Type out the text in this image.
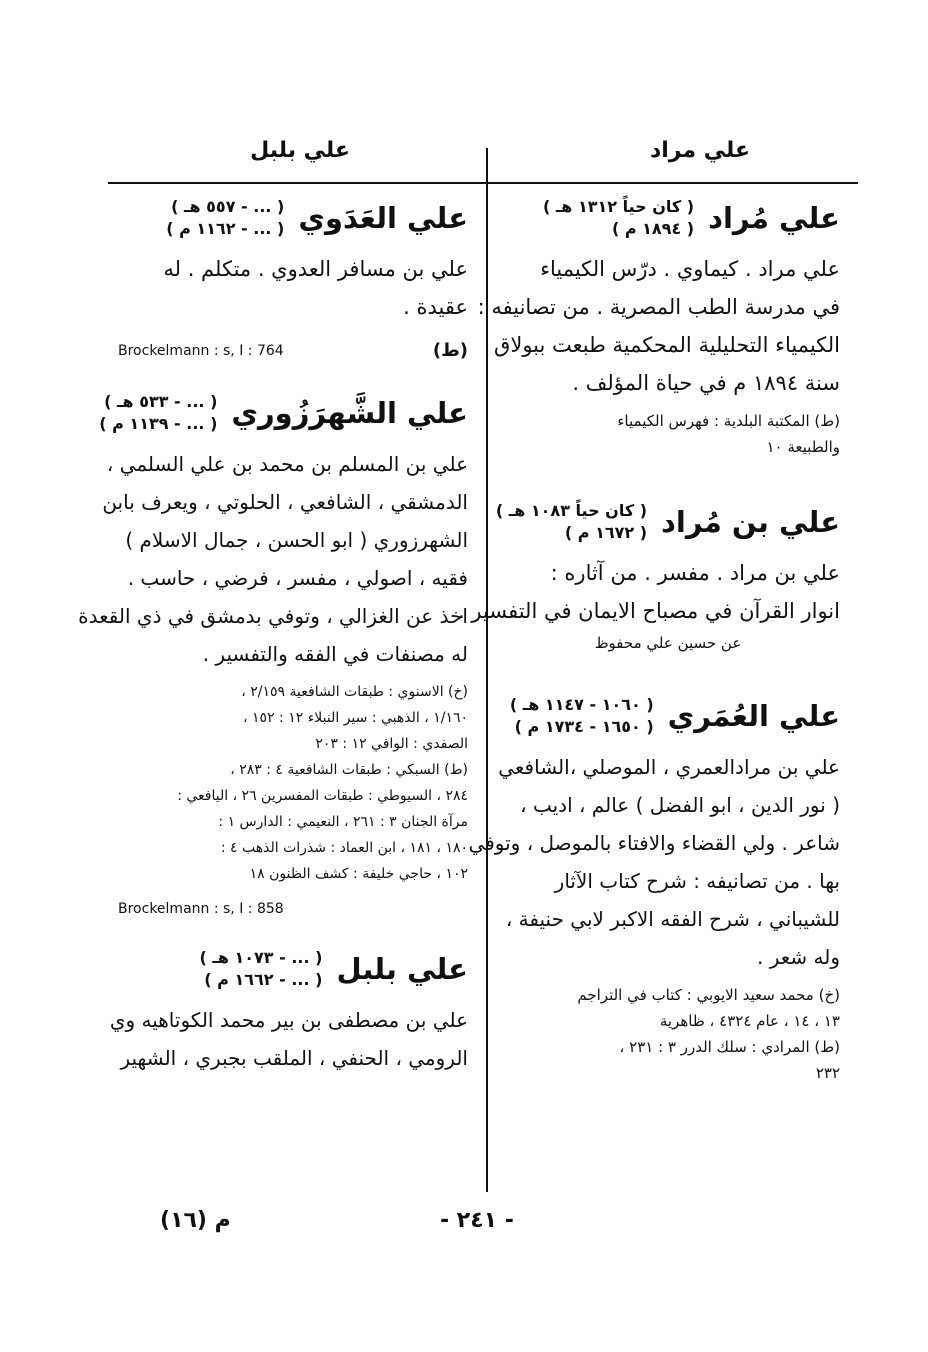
علي مراد
علي بلبل
علي مُراد
( كان حياً ١٣١٢ هـ )
( ١٨٩٤ م )
علي مراد . كيماوي . درّس الكيمياء
في مدرسة الطب المصرية . من تصانيفه :
الكيمياء التحليلية المحكمية طبعت ببولاق
سنة ١٨٩٤ م في حياة المؤلف .
(ط) المكتبة البلدية : فهرس الكيمياء
والطبيعة ١٠
علي بن مُراد
( كان حياً ١٠٨٣ هـ )
( ١٦٧٢ م )
علي بن مراد . مفسر . من آثاره :
انوار القرآن في مصباح الايمان في التفسير .
عن حسين علي محفوظ
علي العُمَري
( ١٠٦٠ - ١١٤٧ هـ )
( ١٦٥٠ - ١٧٣٤ م )
علي بن مرادالعمري ، الموصلي ،الشافعي
( نور الدين ، ابو الفضل ) عالم ، اديب ،
شاعر . ولي القضاء والافتاء بالموصل ، وتوفي
بها . من تصانيفه : شرح كتاب الآثار
للشيباني ، شرح الفقه الاكبر لابي حنيفة ،
وله شعر .
(خ) محمد سعيد الايوبي : كتاب في التراجم
١٣ ، ١٤ ، عام ٤٣٢٤ ، ظاهرية
(ط) المرادي : سلك الدرر ٣ : ٢٣١ ،
٢٣٢
علي العَدَوي
( ... - ٥٥٧ هـ )
( ... - ١١٦٢ م )
علي بن مسافر العدوي . متكلم . له
عقيدة .
Brockelmann : s, I : 764	(ط)
علي الشَّهرَزُوري
( ... - ٥٣٣ هـ )
( ... - ١١٣٩ م )
علي بن المسلم بن محمد بن علي السلمي ،
الدمشقي ، الشافعي ، الحلوتي ، ويعرف بابن
الشهرزوري ( ابو الحسن ، جمال الاسلام )
فقيه ، اصولي ، مفسر ، فرضي ، حاسب .
اخذ عن الغزالي ، وتوفي بدمشق في ذي القعدة
له مصنفات في الفقه والتفسير .
(خ) الاسنوي : طبقات الشافعية ٢/١٥٩ ،
١/١٦٠ ، الذهبي : سير النبلاء ١٢ : ١٥٢ ،
الصفدي : الوافي ١٢ : ٢٠٣
(ط) السبكي : طبقات الشافعية ٤ : ٢٨٣ ،
٢٨٤ ، السيوطي : طبقات المفسرين ٢٦ ، اليافعي :
مرآة الجنان ٣ : ٢٦١ ، النعيمي : الدارس ١ :
١٨٠ ، ١٨١ ، ابن العماد : شذرات الذهب ٤ :
١٠٢ ، حاجي خليفة : كشف الظنون ١٨
Brockelmann : s, I : 858
علي بلبل
( ... - ١٠٧٣ هـ )
( ... - ١٦٦٢ م )
علي بن مصطفى بن بير محمد الكوتاهيه وي
الرومي ، الحنفي ، الملقب بجبري ، الشهير
- ٢٤١ -
م (١٦)
